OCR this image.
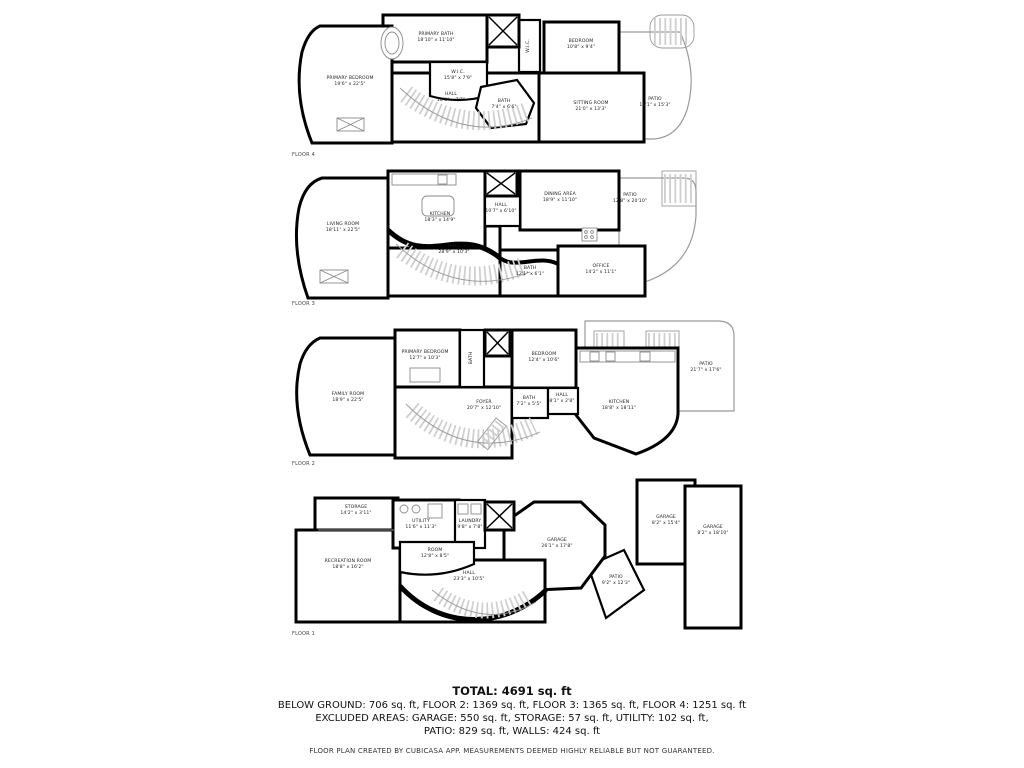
PRIMARY BEDROOM
19'6" x 22'5"
PRIMARY BATH
18'10" x 11'10"
W.I.C.
15'8" x 7'9"
W.I.C.	BEDROOM
10'8" x 9'4"
SITTING ROOM
21'0" x 13'3"
PATIO
16'1" x 15'3"
HALL
18'8" x 7'7"	BATH
7'4" x 6'6"
FLOOR 4
LIVING ROOM
18'11" x 22'5"
KITCHEN
18'3" x 14'9"
HALL
10'7" x 6'10"
DINING AREA
18'9" x 11'10"
PATIO
12'8" x 20'10"
HALL
28'9" x 10'3"
BATH
12'1" x 6'1"
OFFICE
14'2" x 11'1"
FLOOR 3
FAMILY ROOM
18'9" x 22'5"
PRIMARY BEDROOM
12'7" x 10'3"	BATH	BEDROOM
12'4" x 10'6"
BATH
7'2" x 5'5"
HALL
8'1" x 2'8"	KITCHEN
18'8" x 18'11"
PATIO
21'7" x 17'6"
FOYER
20'7" x 12'10"
FLOOR 2
STORAGE
14'2" x 3'11"
UTILITY
11'6" x 11'3"
LAUNDRY
9'8" x 7'8"
RECREATION ROOM
18'8" x 16'2"
ROOM
12'8" x 8'5"
HALL
23'3" x 10'5"
GARAGE
26'1" x 17'8"
PATIO
9'2" x 12'3"
GARAGE
8'2" x 15'4"
GARAGE
8'2" x 18'10"
FLOOR 1
TOTAL: 4691 sq. ft
BELOW GROUND: 706 sq. ft, FLOOR 2: 1369 sq. ft, FLOOR 3: 1365 sq. ft, FLOOR 4: 1251 sq. ft
EXCLUDED AREAS: GARAGE: 550 sq. ft, STORAGE: 57 sq. ft, UTILITY: 102 sq. ft,
PATIO: 829 sq. ft, WALLS: 424 sq. ft
FLOOR PLAN CREATED BY CUBICASA APP. MEASUREMENTS DEEMED HIGHLY RELIABLE BUT NOT GUARANTEED.
